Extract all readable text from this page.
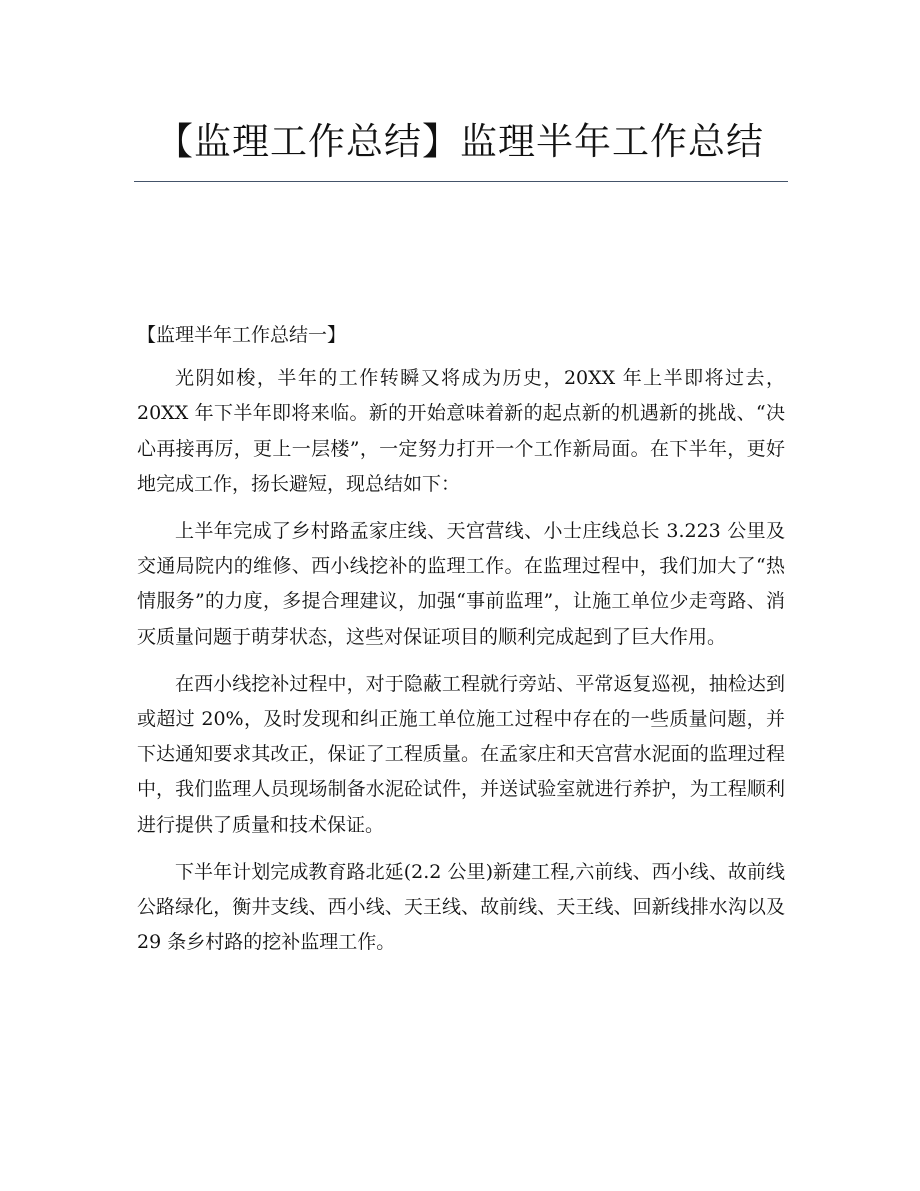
【监理工作总结】监理半年工作总结

【监理半年工作总结一】

光阴如梭，半年的工作转瞬又将成为历史，20XX 年上半即将过去，20XX 年下半年即将来临。新的开始意味着新的起点新的机遇新的挑战、“决心再接再厉，更上一层楼”，一定努力打开一个工作新局面。在下半年，更好地完成工作，扬长避短，现总结如下：

上半年完成了乡村路孟家庄线、天宫营线、小士庄线总长 3.223 公里及交通局院内的维修、西小线挖补的监理工作。在监理过程中，我们加大了“热情服务”的力度，多提合理建议，加强“事前监理”，让施工单位少走弯路、消灭质量问题于萌芽状态，这些对保证项目的顺利完成起到了巨大作用。

在西小线挖补过程中，对于隐蔽工程就行旁站、平常返复巡视，抽检达到或超过 20%，及时发现和纠正施工单位施工过程中存在的一些质量问题，并下达通知要求其改正，保证了工程质量。在孟家庄和天宫营水泥面的监理过程中，我们监理人员现场制备水泥砼试件，并送试验室就进行养护，为工程顺利进行提供了质量和技术保证。

下半年计划完成教育路北延(2.2 公里)新建工程,六前线、西小线、故前线公路绿化，衡井支线、西小线、天王线、故前线、天王线、回新线排水沟以及 29 条乡村路的挖补监理工作。
